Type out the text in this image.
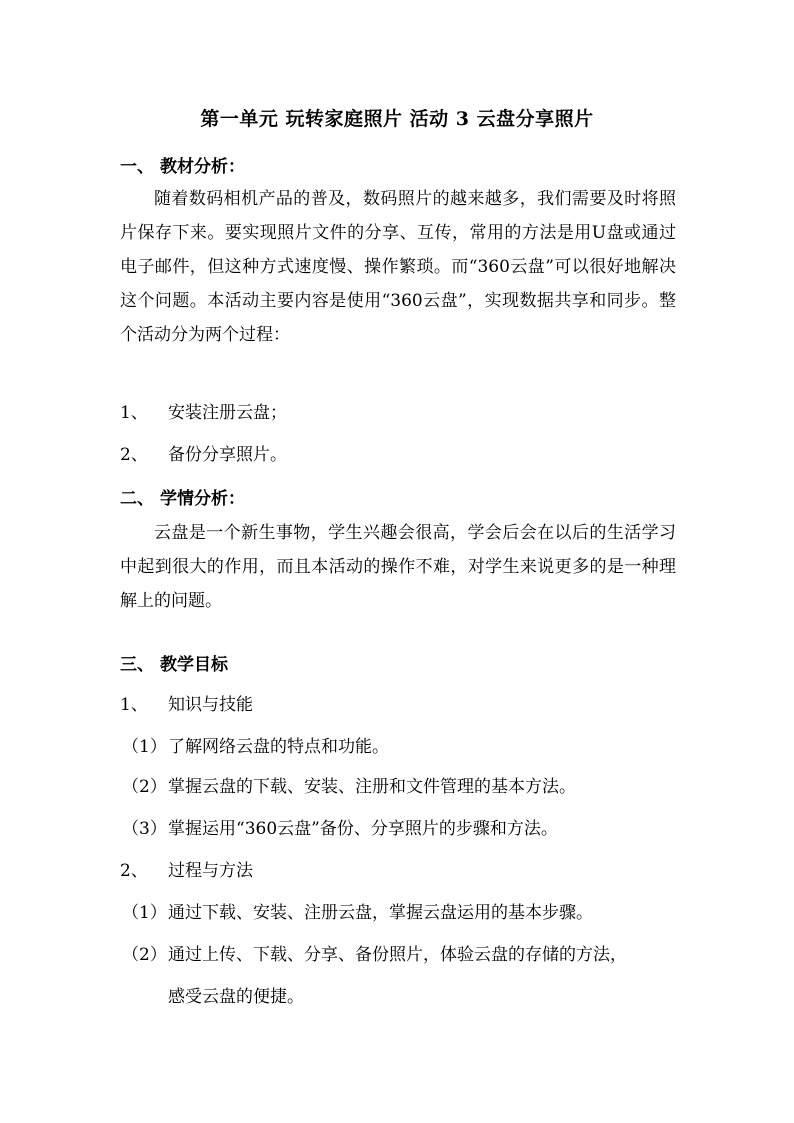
第一单元 玩转家庭照片 活动 3 云盘分享照片
一、 教材分析：

随着数码相机产品的普及，数码照片的越来越多，我们需要及时将照片保存下来。要实现照片文件的分享、互传，常用的方法是用U盘或通过电子邮件，但这种方式速度慢、操作繁琐。而“360云盘”可以很好地解决这个问题。本活动主要内容是使用“360云盘”，实现数据共享和同步。整个活动分为两个过程：

1、 安装注册云盘；
2、 备份分享照片。
二、 学情分析：

云盘是一个新生事物，学生兴趣会很高，学会后会在以后的生活学习中起到很大的作用，而且本活动的操作不难，对学生来说更多的是一种理解上的问题。

三、 教学目标
1、 知识与技能
（1）了解网络云盘的特点和功能。
（2）掌握云盘的下载、安装、注册和文件管理的基本方法。
（3）掌握运用“360云盘”备份、分享照片的步骤和方法。
2、 过程与方法
（1）通过下载、安装、注册云盘，掌握云盘运用的基本步骤。
（2）通过上传、下载、分享、备份照片，体验云盘的存储的方法，
感受云盘的便捷。
